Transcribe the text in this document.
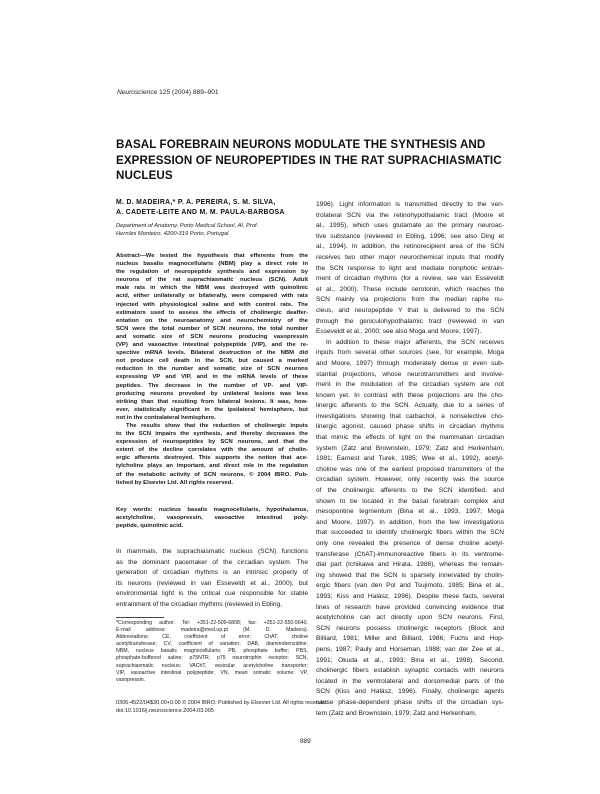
Neuroscience 125 (2004) 889–901

BASAL FOREBRAIN NEURONS MODULATE THE SYNTHESIS AND
EXPRESSION OF NEUROPEPTIDES IN THE RAT SUPRACHIASMATIC
NUCLEUS
M. D. MADEIRA,* P. A. PEREIRA, S. M. SILVA,
A. CADETE-LEITE AND M. M. PAULA-BARBOSA
Department of Anatomy, Porto Medical School, Al. Prof.
Hernâni Monteiro, 4200-319 Porto, Portugal
Abstract—We tested the hypothesis that efferents from the
nucleus basalis magnocellularis (NBM) play a direct role in
the regulation of neuropeptide synthesis and expression by
neurons of the rat suprachiasmatic nucleus (SCN). Adult
male rats in which the NBM was destroyed with quinolinic
acid, either unilaterally or bilaterally, were compared with rats
injected with physiological saline and with control rats. The
estimators used to assess the effects of cholinergic deaffer-
entation on the neuroanatomy and neurochemistry of the
SCN were the total number of SCN neurons, the total number
and somatic size of SCN neurons producing vasopressin
(VP) and vasoactive intestinal polypeptide (VIP), and the re-
spective mRNA levels. Bilateral destruction of the NBM did
not produce cell death in the SCN, but caused a marked
reduction in the number and somatic size of SCN neurons
expressing VP and VIP, and in the mRNA levels of these
peptides. The decrease in the number of VP- and VIP-
producing neurons provoked by unilateral lesions was less
striking than that resulting from bilateral lesions. It was, how-
ever, statistically significant in the ipsilateral hemisphere, but
not in the contralateral hemisphere.
The results show that the reduction of cholinergic inputs
to the SCN impairs the synthesis, and thereby decreases the
expression of neuropeptides by SCN neurons, and that the
extent of the decline correlates with the amount of cholin-
ergic afferents destroyed. This supports the notion that ace-
tylcholine plays an important, and direct role in the regulation
of the metabolic activity of SCN neurons. © 2004 IBRO. Pub-
lished by Elsevier Ltd. All rights reserved.
Key words: nucleus basalis magnocellularis, hypothalamus,
acetylcholine, vasopressin, vasoactive intestinal poly-
peptide, quinolinic acid.
In mammals, the suprachiasmatic nucleus (SCN) functions
as the dominant pacemaker of the circadian system. The
generation of circadian rhythms is an intrinsic property of
its neurons (reviewed in van Esseveldt et al., 2000), but
environmental light is the critical cue responsible for stable
entrainment of the circadian rhythms (reviewed in Ebling,
*Corresponding author. Tel: +351-22-509-6808; fax: +351-22-550-5640.
E-mail address: madeira@med.up.pt (M. D. Madeira).
Abbreviations: CE, coefficient of error; ChAT, choline
acetyltransferase; CV, coefficient of variation; DAB, diaminobenzidine;
NBM, nucleus basalis magnocellularis; PB, phosphate buffer; PBS,
phosphate-buffered saline; p75NTR, p75 neurotrophin receptor; SCN,
suprachiasmatic nucleus; VAChT, vesicular acetylcholine transporter;
VIP, vasoactive intestinal polypeptide; VN, mean somatic volume; VP,
vasopressin.
0306-4522/04$30.00+0.00 © 2004 IBRO. Published by Elsevier Ltd. All rights reserved.
doi:10.1016/j.neuroscience.2004.03.005
1996). Light information is transmitted directly to the ven-
trolateral SCN via the retinohypothalamic tract (Moore et
al., 1995), which uses glutamate as the primary neuroac-
tive substance (reviewed in Ebling, 1996; see also Ding et
al., 1994). In addition, the retinorecipient area of the SCN
receives two other major neurochemical inputs that modify
the SCN response to light and mediate nonphotic entrain-
ment of circadian rhythms (for a review, see van Esseveldt
et al., 2000). These include serotonin, which reaches the
SCN mainly via projections from the median raphe nu-
cleus, and neuropeptide Y that is delivered to the SCN
through the geniculohypothalamic tract (reviewed in van
Esseveldt et al., 2000; see also Moga and Moore, 1997).
In addition to these major afferents, the SCN receives
inputs from several other sources (see, for example, Moga
and Moore, 1997) through moderately dense or even sub-
stantial projections, whose neurotransmitters and involve-
ment in the modulation of the circadian system are not
known yet. In contrast with these projections are the cho-
linergic afferents to the SCN. Actually, due to a series of
investigations showing that carbachol, a nonselective cho-
linergic agonist, caused phase shifts in circadian rhythms
that mimic the effects of light on the mammalian circadian
system (Zatz and Brownstein, 1979; Zatz and Herkenham,
1981; Earnest and Turek, 1985; Wee et al., 1992), acetyl-
choline was one of the earliest proposed transmitters of the
circadian system. However, only recently was the source
of the cholinergic afferents to the SCN identified, and
shown to be located in the basal forebrain complex and
mesopontine tegmentum (Bina et al., 1993, 1997; Moga
and Moore, 1997). In addition, from the few investigations
that succeeded to identify cholinergic fibers within the SCN
only one revealed the presence of dense choline acetyl-
transferase (ChAT)-immunoreactive fibers in its ventrome-
dial part (Ichikawa and Hirata, 1986), whereas the remain-
ing showed that the SCN is sparsely innervated by cholin-
ergic fibers (van den Pol and Tsujimoto, 1985; Bina et al.,
1993; Kiss and Halász, 1996). Despite these facts, several
lines of research have provided convincing evidence that
acetylcholine can act directly upon SCN neurons. First,
SCN neurons possess cholinergic receptors (Block and
Billiard, 1981; Miller and Billiard, 1986; Fuchs and Hop-
pens, 1987; Pauly and Horseman, 1988; van der Zee et al.,
1991; Okuda et al., 1993; Bina et al., 1998). Second,
cholinergic fibers establish synaptic contacts with neurons
located in the ventrolateral and dorsomedial parts of the
SCN (Kiss and Halász, 1996). Finally, cholinergic agents
cause phase-dependent phase shifts of the circadian sys-
tem (Zatz and Brownstein, 1979; Zatz and Herkenham,
889
